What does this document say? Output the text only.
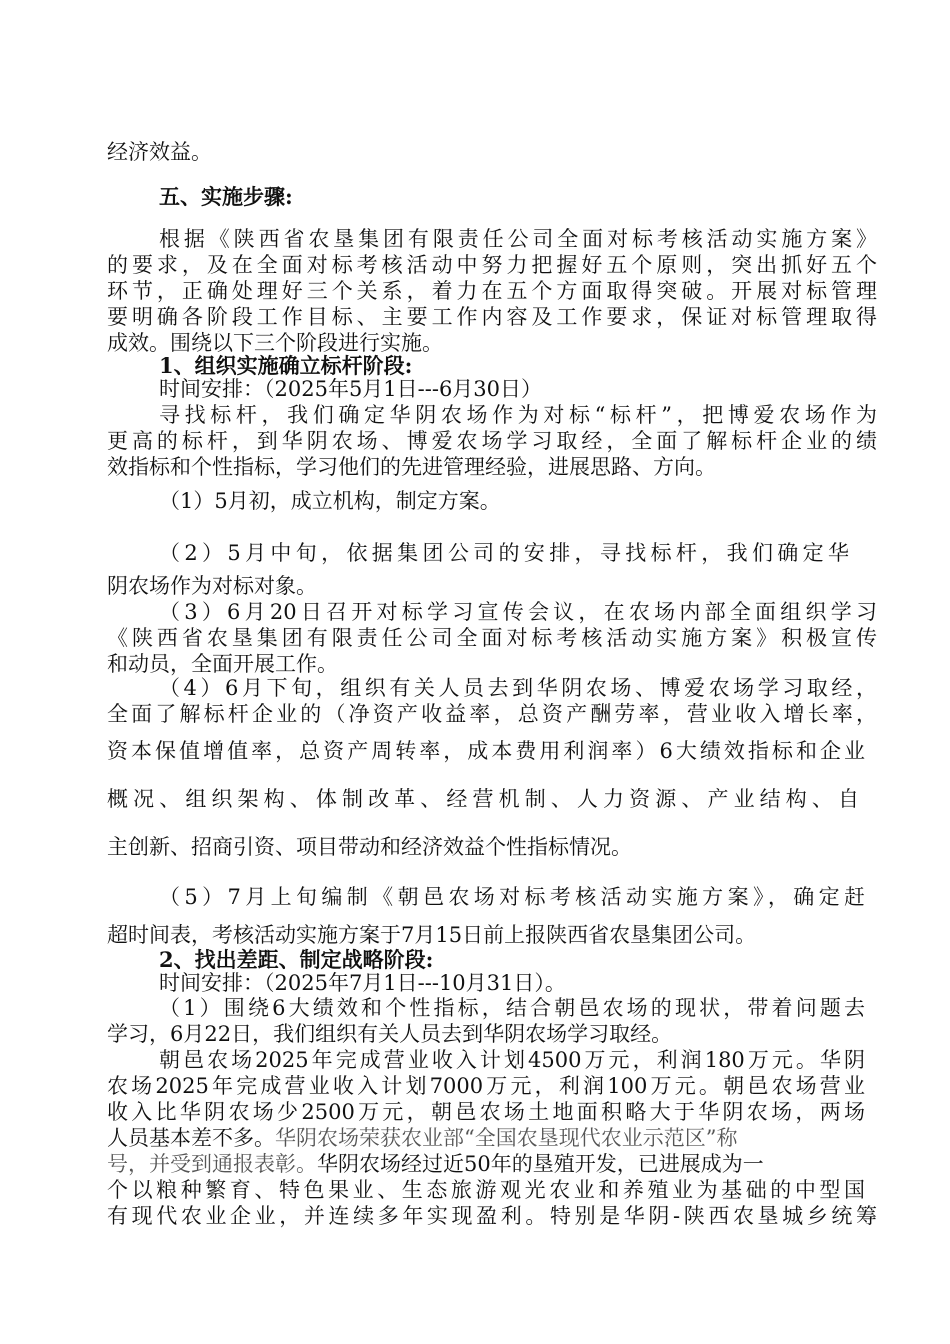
经济效益。

五、实施步骤:

根据《陕西省农垦集团有限责任公司全面对标考核活动实施方案》

的要求，及在全面对标考核活动中努力把握好五个原则，突出抓好五个

环节，正确处理好三个关系，着力在五个方面取得突破。开展对标管理

要明确各阶段工作目标、主要工作内容及工作要求，保证对标管理取得

成效。围绕以下三个阶段进行实施。

1、组织实施确立标杆阶段:

时间安排：（2025年5月1日---6月30日）

寻找标杆，我们确定华阴农场作为对标“标杆”，把博爱农场作为

更高的标杆，到华阴农场、博爱农场学习取经，全面了解标杆企业的绩

效指标和个性指标，学习他们的先进管理经验，进展思路、方向。

（1）5月初，成立机构，制定方案。

（2）5月中旬，依据集团公司的安排，寻找标杆，我们确定华

阴农场作为对标对象。

（3）6月20日召开对标学习宣传会议，在农场内部全面组织学习

《陕西省农垦集团有限责任公司全面对标考核活动实施方案》积极宣传

和动员，全面开展工作。

（4）6月下旬，组织有关人员去到华阴农场、博爱农场学习取经，

全面了解标杆企业的（净资产收益率，总资产酬劳率，营业收入增长率，

资本保值增值率，总资产周转率，成本费用利润率）6大绩效指标和企业

概况、组织架构、体制改革、经营机制、人力资源、产业结构、自

主创新、招商引资、项目带动和经济效益个性指标情况。

（5）7月上旬编制《朝邑农场对标考核活动实施方案》，确定赶

超时间表，考核活动实施方案于7月15日前上报陕西省农垦集团公司。

2、找出差距、制定战略阶段:

时间安排：（2025年7月1日---10月31日）。

（1）围绕6大绩效和个性指标，结合朝邑农场的现状，带着问题去

学习，6月22日，我们组织有关人员去到华阴农场学习取经。

朝邑农场2025年完成营业收入计划4500万元，利润180万元。华阴

农场2025年完成营业收入计划7000万元，利润100万元。朝邑农场营业

收入比华阴农场少2500万元，朝邑农场土地面积略大于华阴农场，两场

人员基本差不多。华阴农场荣获农业部“全国农垦现代农业示范区”称

号，并受到通报表彰。华阴农场经过近50年的垦殖开发，已进展成为一

个以粮种繁育、特色果业、生态旅游观光农业和养殖业为基础的中型国

有现代农业企业，并连续多年实现盈利。特别是华阴-陕西农垦城乡统筹
